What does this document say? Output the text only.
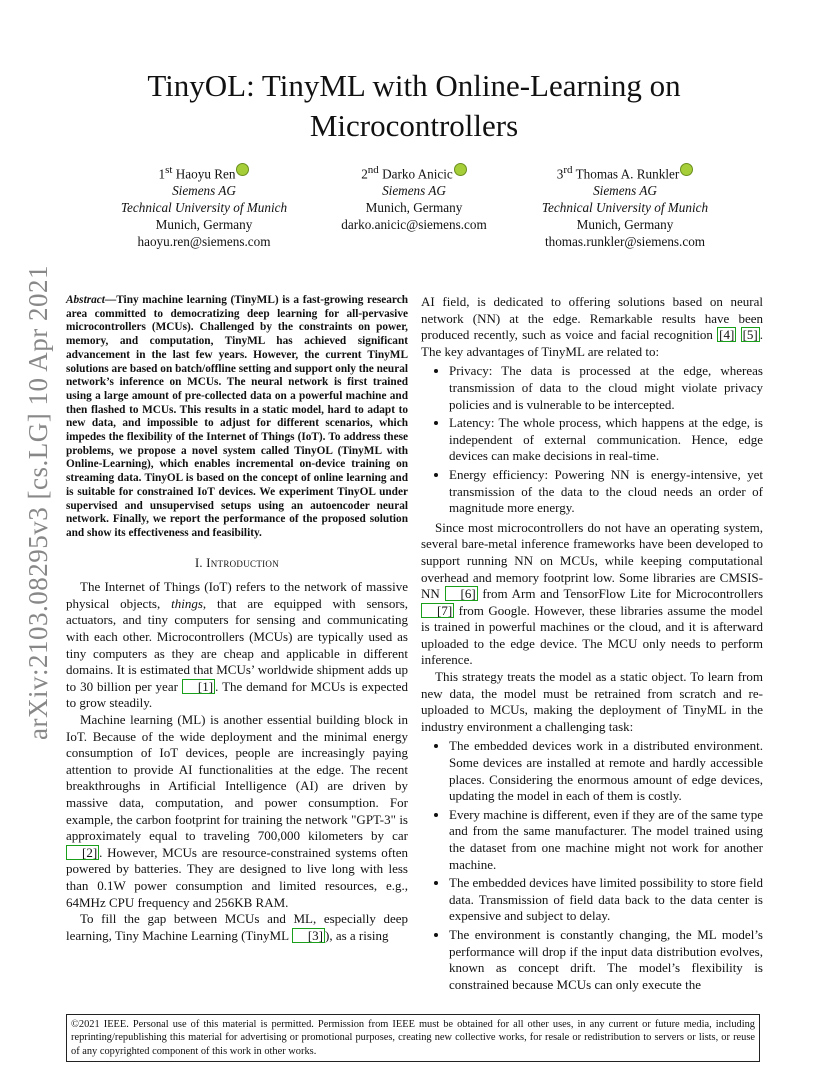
TinyOL: TinyML with Online-Learning on
Microcontrollers
1st Haoyu Ren
Siemens AG
Technical University of Munich
Munich, Germany
haoyu.ren@siemens.com
2nd Darko Anicic
Siemens AG
Munich, Germany
darko.anicic@siemens.com
3rd Thomas A. Runkler
Siemens AG
Technical University of Munich
Munich, Germany
thomas.runkler@siemens.com
arXiv:2103.08295v3 [cs.LG] 10 Apr 2021 Abstract—Tiny machine learning (TinyML) is a fast-growing research area committed to democratizing deep learning for all-pervasive microcontrollers (MCUs). Challenged by the constraints on power, memory, and computation, TinyML has achieved significant advancement in the last few years. However, the current TinyML solutions are based on batch/offline setting and support only the neural network’s inference on MCUs. The neural network is first trained using a large amount of pre-collected data on a powerful machine and then flashed to MCUs. This results in a static model, hard to adapt to new data, and impossible to adjust for different scenarios, which impedes the flexibility of the Internet of Things (IoT). To address these problems, we propose a novel system called TinyOL (TinyML with Online-Learning), which enables incremental on-device training on streaming data. TinyOL is based on the concept of online learning and is suitable for constrained IoT devices. We experiment TinyOL under supervised and unsupervised setups using an autoencoder neural network. Finally, we report the performance of the proposed solution and show its effectiveness and feasibility.
I. Introduction

The Internet of Things (IoT) refers to the network of massive physical objects, things, that are equipped with sensors, actuators, and tiny computers for sensing and communicating with each other. Microcontrollers (MCUs) are typically used as tiny computers as they are cheap and applicable in different domains. It is estimated that MCUs’ worldwide shipment adds up to 30 billion per year [1] . The demand for MCUs is expected to grow steadily.

Machine learning (ML) is another essential building block in IoT. Because of the wide deployment and the minimal energy consumption of IoT devices, people are increasingly paying attention to provide AI functionalities at the edge. The recent breakthroughs in Artificial Intelligence (AI) are driven by massive data, computation, and power consumption. For example, the carbon footprint for training the network "GPT-3" is approximately equal to traveling 700,000 kilometers by car [2] . However, MCUs are resource-constrained systems often powered by batteries. They are designed to live long with less than 0.1W power consumption and limited resources, e.g., 64MHz CPU frequency and 256KB RAM.

To fill the gap between MCUs and ML, especially deep learning, Tiny Machine Learning (TinyML [3] ), as a rising

AI field, is dedicated to offering solutions based on neural network (NN) at the edge. Remarkable results have been produced recently, such as voice and facial recognition [4] [5] . The key advantages of TinyML are related to:

• Privacy: The data is processed at the edge, whereas transmission of data to the cloud might violate privacy policies and is vulnerable to be intercepted.
• Latency: The whole process, which happens at the edge, is independent of external communication. Hence, edge devices can make decisions in real-time.
• Energy efficiency: Powering NN is energy-intensive, yet transmission of the data to the cloud needs an order of magnitude more energy.

Since most microcontrollers do not have an operating system, several bare-metal inference frameworks have been developed to support running NN on MCUs, while keeping computational overhead and memory footprint low. Some libraries are CMSIS-NN [6] from Arm and TensorFlow Lite for Microcontrollers [7] from Google. However, these libraries assume the model is trained in powerful machines or the cloud, and it is afterward uploaded to the edge device. The MCU only needs to perform inference.

This strategy treats the model as a static object. To learn from new data, the model must be retrained from scratch and re-uploaded to MCUs, making the deployment of TinyML in the industry environment a challenging task:

• The embedded devices work in a distributed environment. Some devices are installed at remote and hardly accessible places. Considering the enormous amount of edge devices, updating the model in each of them is costly.
• Every machine is different, even if they are of the same type and from the same manufacturer. The model trained using the dataset from one machine might not work for another machine.
• The embedded devices have limited possibility to store field data. Transmission of field data back to the data center is expensive and subject to delay.
• The environment is constantly changing, the ML model’s performance will drop if the input data distribution evolves, known as concept drift. The model’s flexibility is constrained because MCUs can only execute the
©2021 IEEE. Personal use of this material is permitted. Permission from IEEE must be obtained for all other uses, in any current or future media, including reprinting/republishing this material for advertising or promotional purposes, creating new collective works, for resale or redistribution to servers or lists, or reuse of any copyrighted component of this work in other works.
